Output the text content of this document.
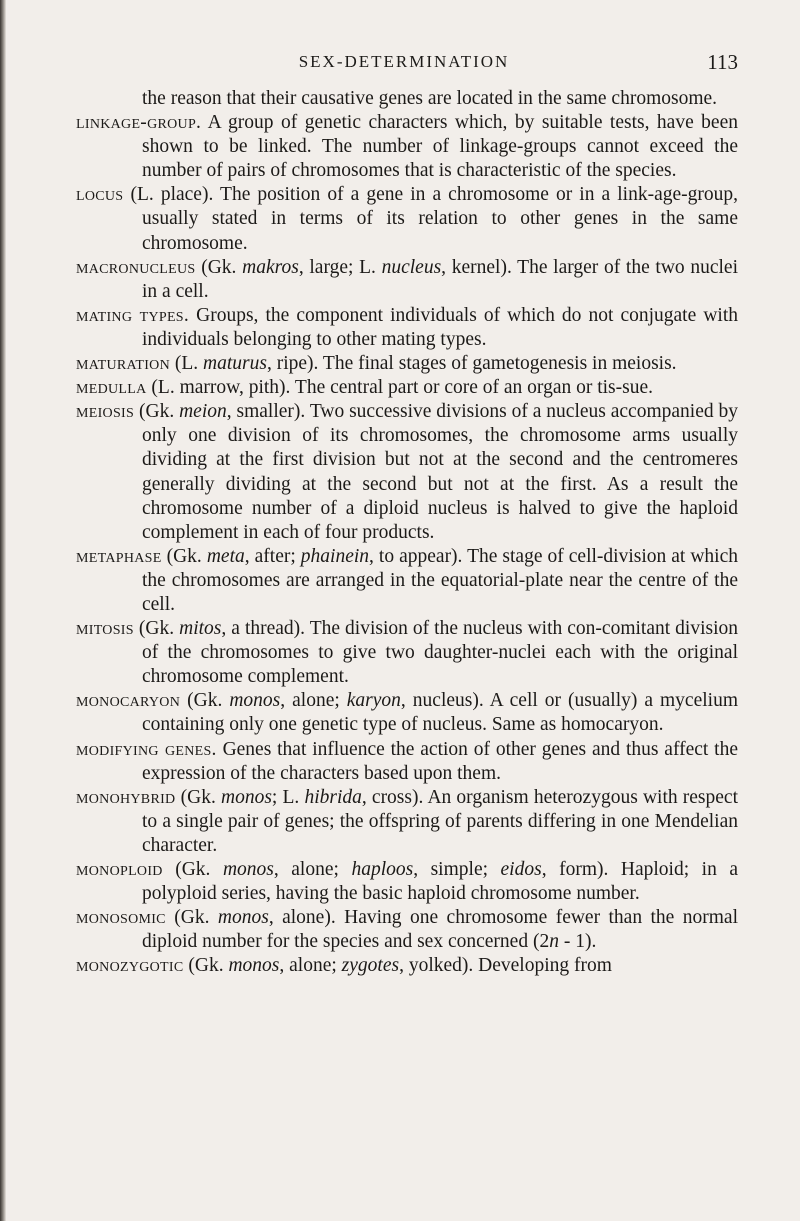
SEX-DETERMINATION	113

the reason that their causative genes are located in the same chromosome.

linkage-group. A group of genetic characters which, by suitable tests, have been shown to be linked. The number of linkage-groups cannot exceed the number of pairs of chromosomes that is characteristic of the species.

locus (L. place). The position of a gene in a chromosome or in a link-age-group, usually stated in terms of its relation to other genes in the same chromosome.

macronucleus (Gk. makros, large; L. nucleus, kernel). The larger of the two nuclei in a cell.

mating types. Groups, the component individuals of which do not conjugate with individuals belonging to other mating types.

maturation (L. maturus, ripe). The final stages of gametogenesis in meiosis.

medulla (L. marrow, pith). The central part or core of an organ or tis-sue.

meiosis (Gk. meion, smaller). Two successive divisions of a nucleus accompanied by only one division of its chromosomes, the chromosome arms usually dividing at the first division but not at the second and the centromeres generally dividing at the second but not at the first. As a result the chromosome number of a diploid nucleus is halved to give the haploid complement in each of four products.

metaphase (Gk. meta, after; phainein, to appear). The stage of cell-division at which the chromosomes are arranged in the equatorial-plate near the centre of the cell.

mitosis (Gk. mitos, a thread). The division of the nucleus with con-comitant division of the chromosomes to give two daughter-nuclei each with the original chromosome complement.

monocaryon (Gk. monos, alone; karyon, nucleus). A cell or (usually) a mycelium containing only one genetic type of nucleus. Same as homocaryon.

modifying genes. Genes that influence the action of other genes and thus affect the expression of the characters based upon them.

monohybrid (Gk. monos; L. hibrida, cross). An organism heterozygous with respect to a single pair of genes; the offspring of parents differing in one Mendelian character.

monoploid (Gk. monos, alone; haploos, simple; eidos, form). Haploid; in a polyploid series, having the basic haploid chromosome number.

monosomic (Gk. monos, alone). Having one chromosome fewer than the normal diploid number for the species and sex concerned (2n - 1).

monozygotic (Gk. monos, alone; zygotes, yolked). Developing from
